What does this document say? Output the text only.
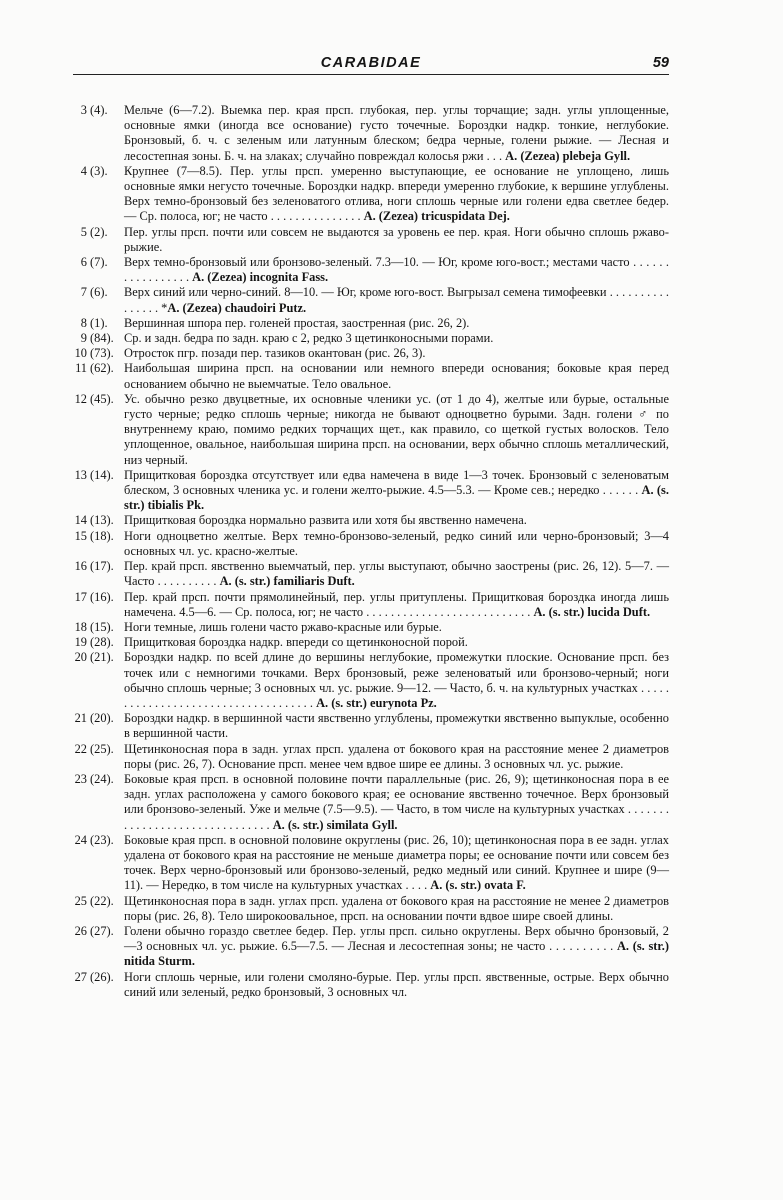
CARABIDAE	59
3 (4). Мельче (6—7.2). Выемка пер. края прсп. глубокая, пер. углы торчащие; задн. углы уплощенные, основные ямки (иногда все основание) густо точечные. Бороздки надкр. тонкие, неглубокие. Бронзовый, б. ч. с зеленым или латунным блеском; бедра черные, голени рыжие. — Лесная и лесостепная зоны. Б. ч. на злаках; случайно повреждал колосья ржи . . . A. (Zezea) plebeja Gyll.
4 (3). Крупнее (7—8.5). Пер. углы прсп. умеренно выступающие, ее основание не уплощено, лишь основные ямки негусто точечные. Бороздки надкр. впереди умеренно глубокие, к вершине углублены. Верх темно-бронзовый без зеленоватого отлива, ноги сплошь черные или голени едва светлее бедер. — Ср. полоса, юг; не часто . . . . . . . . . . . . . . . A. (Zezea) tricuspidata Dej.
5 (2). Пер. углы прсп. почти или совсем не выдаются за уровень ее пер. края. Ноги обычно сплошь ржаво-рыжие.
6 (7). Верх темно-бронзовый или бронзово-зеленый. 7.3—10. — Юг, кроме юго-вост.; местами часто . . . . . . . . . . . . . . . . . A. (Zezea) incognita Fass.
7 (6). Верх синий или черно-синий. 8—10. — Юг, кроме юго-вост. Выгрызал семена тимофеевки . . . . . . . . . . . . . . . . *A. (Zezea) chaudoiri Putz.
8 (1). Вершинная шпора пер. голеней простая, заостренная (рис. 26, 2).
9 (84). Ср. и задн. бедра по задн. краю с 2, редко 3 щетинконосными порами.
10 (73). Отросток пгр. позади пер. тазиков окантован (рис. 26, 3).
11 (62). Наибольшая ширина прсп. на основании или немного впереди основания; боковые края перед основанием обычно не выемчатые. Тело овальное.
12 (45). Ус. обычно резко двуцветные, их основные членики ус. (от 1 до 4), желтые или бурые, остальные густо черные; редко сплошь черные; никогда не бывают одноцветно бурыми. Задн. голени ♂ по внутреннему краю, помимо редких торчащих щет., как правило, со щеткой густых волосков. Тело уплощенное, овальное, наибольшая ширина прсп. на основании, верх обычно сплошь металлический, низ черный.
13 (14). Прищитковая бороздка отсутствует или едва намечена в виде 1—3 точек. Бронзовый с зеленоватым блеском, 3 основных членика ус. и голени желто-рыжие. 4.5—5.3. — Кроме сев.; нередко . . . . . . A. (s. str.) tibialis Pk.
14 (13). Прищитковая бороздка нормально развита или хотя бы явственно намечена.
15 (18). Ноги одноцветно желтые. Верх темно-бронзово-зеленый, редко синий или черно-бронзовый; 3—4 основных чл. ус. красно-желтые.
16 (17). Пер. край прсп. явственно выемчатый, пер. углы выступают, обычно заострены (рис. 26, 12). 5—7. — Часто . . . . . . . . . . A. (s. str.) familiaris Duft.
17 (16). Пер. край прсп. почти прямолинейный, пер. углы притуплены. Прищитковая бороздка иногда лишь намечена. 4.5—6. — Ср. полоса, юг; не часто . . . . . . . . . . . . . . . . . . . . . . . . . . . A. (s. str.) lucida Duft.
18 (15). Ноги темные, лишь голени часто ржаво-красные или бурые.
19 (28). Прищитковая бороздка надкр. впереди со щетинконосной порой.
20 (21). Бороздки надкр. по всей длине до вершины неглубокие, промежутки плоские. Основание прсп. без точек или с немногими точками. Верх бронзовый, реже зеленоватый или бронзово-черный; ноги обычно сплошь черные; 3 основных чл. ус. рыжие. 9—12. — Часто, б. ч. на культурных участках . . . . . . . . . . . . . . . . . . . . . . . . . . . . . . . . . . . . A. (s. str.) eurynota Pz.
21 (20). Бороздки надкр. в вершинной части явственно углублены, промежутки явственно выпуклые, особенно в вершинной части.
22 (25). Щетинконосная пора в задн. углах прсп. удалена от бокового края на расстояние менее 2 диаметров поры (рис. 26, 7). Основание прсп. менее чем вдвое шире ее длины. 3 основных чл. ус. рыжие.
23 (24). Боковые края прсп. в основной половине почти параллельные (рис. 26, 9); щетинконосная пора в ее задн. углах расположена у самого бокового края; ее основание явственно точечное. Верх бронзовый или бронзово-зеленый. Уже и мельче (7.5—9.5). — Часто, в том числе на культурных участках . . . . . . . . . . . . . . . . . . . . . . . . . . . . . . . A. (s. str.) similata Gyll.
24 (23). Боковые края прсп. в основной половине округлены (рис. 26, 10); щетинконосная пора в ее задн. углах удалена от бокового края на расстояние не меньше диаметра поры; ее основание почти или совсем без точек. Верх черно-бронзовый или бронзово-зеленый, редко медный или синий. Крупнее и шире (9—11). — Нередко, в том числе на культурных участках . . . . A. (s. str.) ovata F.
25 (22). Щетинконосная пора в задн. углах прсп. удалена от бокового края на расстояние не менее 2 диаметров поры (рис. 26, 8). Тело широкоовальное, прсп. на основании почти вдвое шире своей длины.
26 (27). Голени обычно гораздо светлее бедер. Пер. углы прсп. сильно округлены. Верх обычно бронзовый, 2—3 основных чл. ус. рыжие. 6.5—7.5. — Лесная и лесостепная зоны; не часто . . . . . . . . . . A. (s. str.) nitida Sturm.
27 (26). Ноги сплошь черные, или голени смоляно-бурые. Пер. углы прсп. явственные, острые. Верх обычно синий или зеленый, редко бронзовый, 3 основных чл.
